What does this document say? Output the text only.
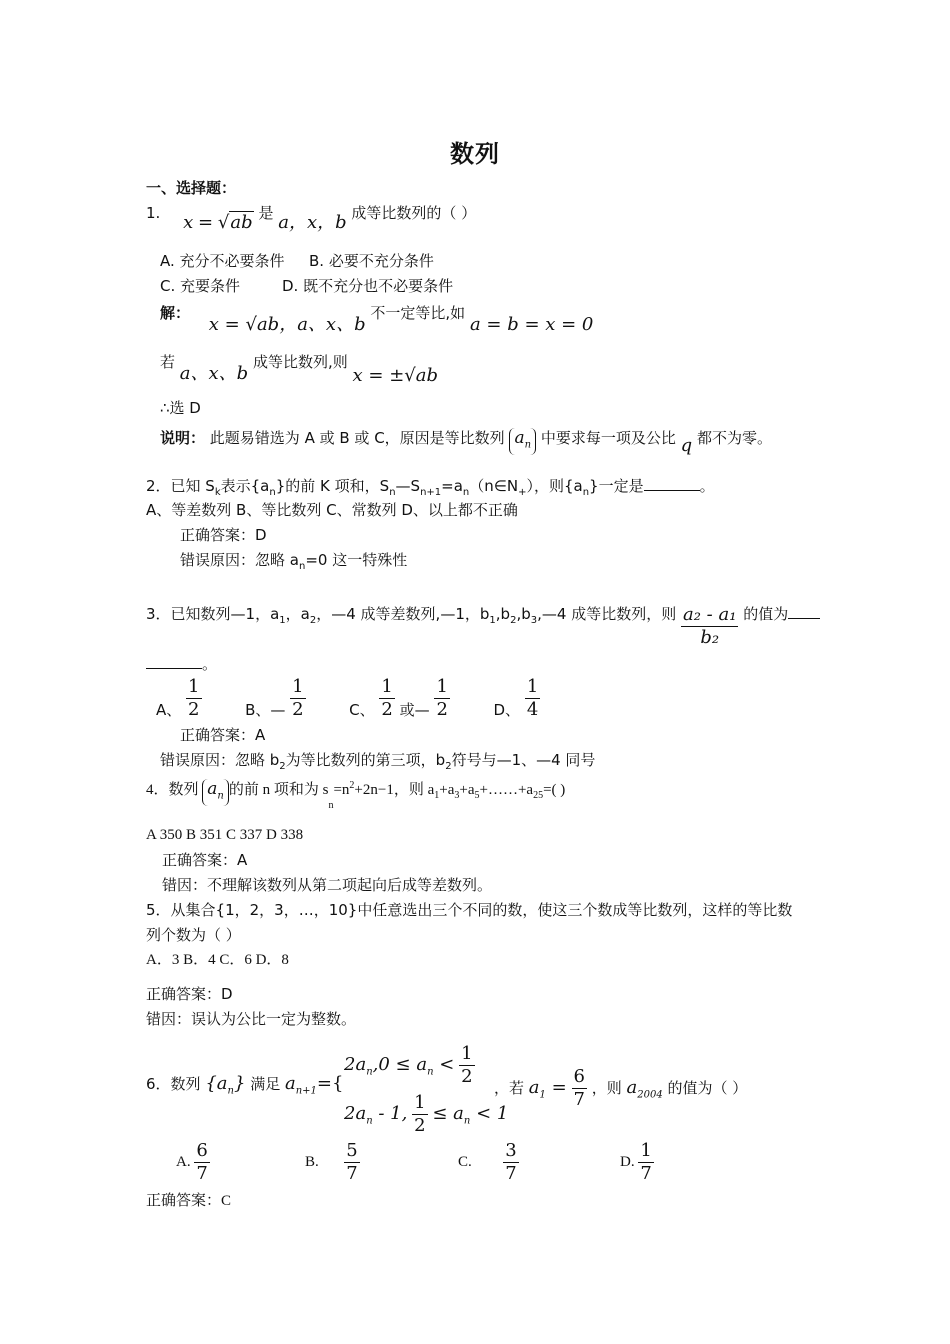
数列
一、选择题：
1. x = √ab 是 a，x，b 成等比数列的（ ）
A. 充分不必要条件 B. 必要不充分条件
C. 充要条件	D. 既不充分也不必要条件
解： x = √ab，a、x、b 不一定等比,如 a = b = x = 0
若 a、x、b 成等比数列,则 x = ±√ab
∴选 D
说明： 此题易错选为 A 或 B 或 C，原因是等比数列 $a_n$ 中要求每一项及公比 q 都不为零。
2．已知 $S_k$表示$\{a_n\}$的前 K 项和，$S_n—S_{n+1}=a_n(n\in N_+)$，则$\{a_n\}$一定是	。
A、等差数列 B、等比数列 C、常数列 D、以上都不正确
正确答案：D
错误原因：忽略 $a_n=0$ 这一特殊性
3．已知数列—1，$a_1$，$a_2$，—4 成等差数列,—1，$b_1,b_2,b_3,—4$ 成等比数列，则 $\frac{\text{a₂ - a₁}}{\text{b₂}}$ 的值为
。
A、 $\frac{1}{2}$	B、— $\frac{1}{2}$	C、 $\frac{1}{2}$ 或— $\frac{1}{2}$	D、 $\frac{1}{4}$
正确答案：A
错误原因：忽略 $b_2$为等比数列的第三项，$b_2$符号与—1、—4 同号
4．数列 $a_n$ 的前 n 项和为 $s_n=n^2+2n-1$，则 $a_1+a_3+a_5+\dots\dots+a_{25}=$( )
A 350 B 351 C 337 D 338
正确答案：A
错因：不理解该数列从第二项起向后成等差数列。
5．从集合{1，2，3，…，10}中任意选出三个不同的数，使这三个数成等比数列，这样的等比数
列个数为（ ）
A．3 B．4 C．6 D．8
正确答案：D
错因：误认为公比一定为整数。
6．数列 $\{a_n\}$ 满足 $a_{n+1}=${
$2a_n,0 \le a_n < \frac{1}{2}$
$2a_n - 1$, $\frac{1}{2} \le a_n < 1$
，若 $a_1 = \frac{6}{7}$ ，则 $a_{2004}$ 的值为（ ）
A. $\frac{6}{7}$	B. $\frac{5}{7}$	C. $\frac{3}{7}$	D. $\frac{1}{7}$
正确答案：C
